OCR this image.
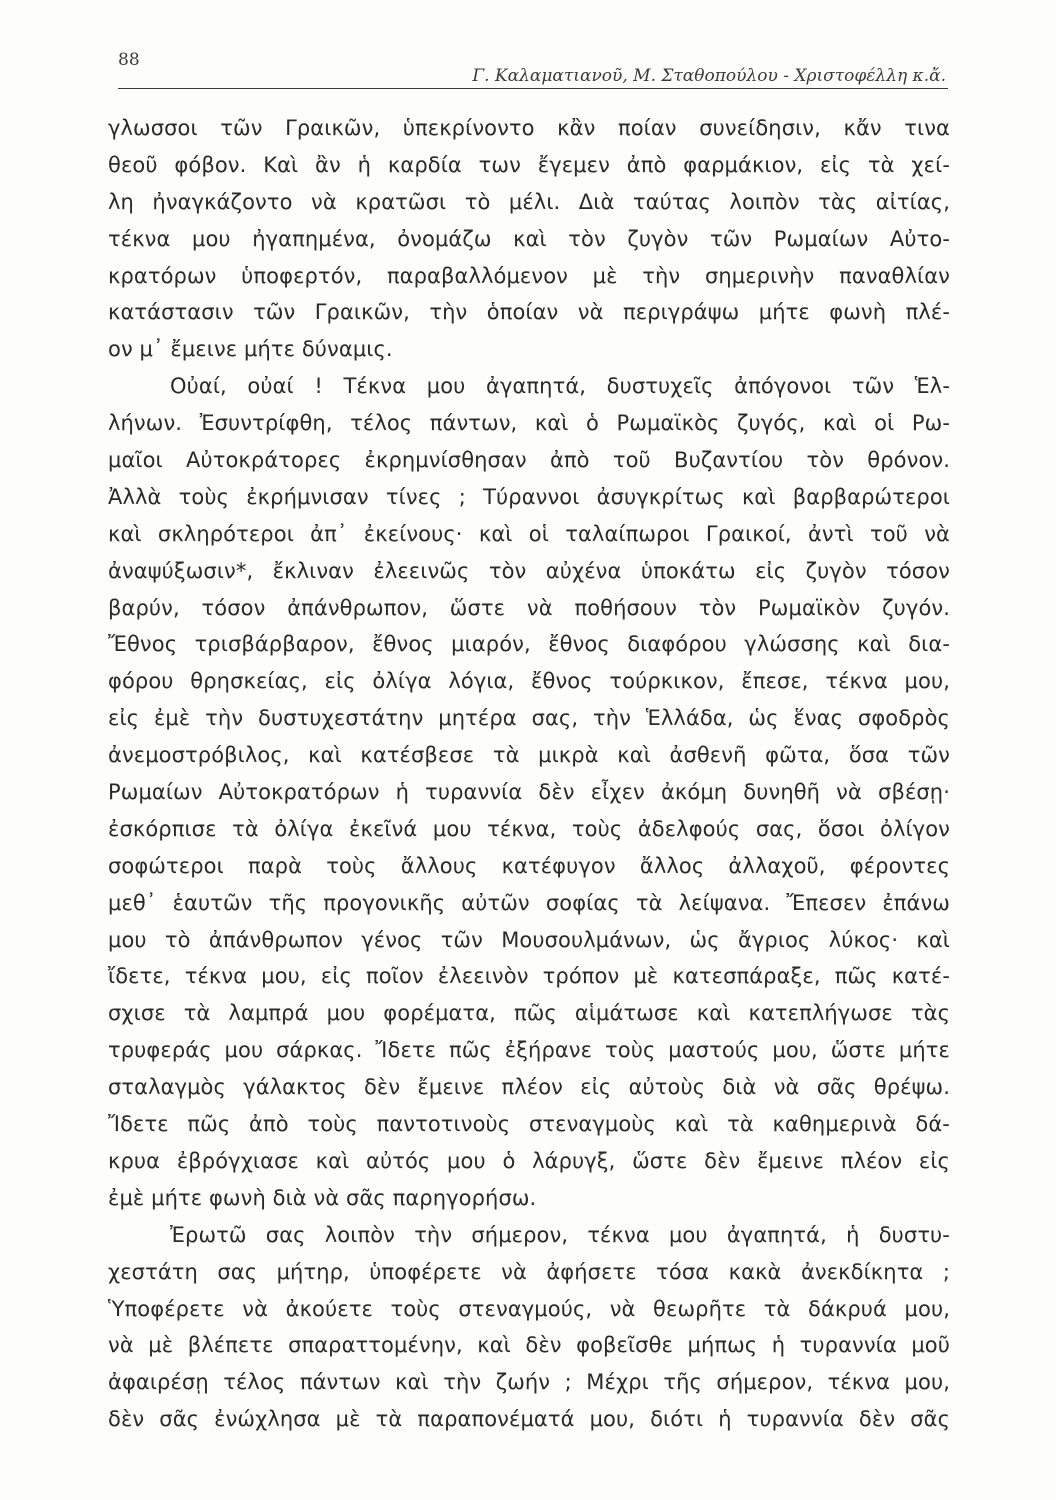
88
Γ. Καλαματιανοῦ, Μ. Σταθοπούλου - Χριστοφέλλη κ.ἄ.
γλωσσοι τῶν Γραικῶν, ὑπεκρίνοντο κἂν ποίαν συνείδησιν, κἄν τινα
θεοῦ φόβον. Καὶ ἂν ἡ καρδία των ἔγεμεν ἀπὸ φαρμάκιον, εἰς τὰ χεί-
λη ἠναγκάζοντο νὰ κρατῶσι τὸ μέλι. Διὰ ταύτας λοιπὸν τὰς αἰτίας,
τέκνα μου ἠγαπημένα, ὀνομάζω καὶ τὸν ζυγὸν τῶν Ρωμαίων Αὐτο-
κρατόρων ὑποφερτόν, παραβαλλόμενον μὲ τὴν σημερινὴν παναθλίαν
κατάστασιν τῶν Γραικῶν, τὴν ὁποίαν νὰ περιγράψω μήτε φωνὴ πλέ-
ον μ᾿ ἔμεινε μήτε δύναμις.
Οὐαί, οὐαί ! Τέκνα μου ἀγαπητά, δυστυχεῖς ἀπόγονοι τῶν Ἑλ-
λήνων. Ἐσυντρίφθη, τέλος πάντων, καὶ ὁ Ρωμαϊκὸς ζυγός, καὶ οἱ Ρω-
μαῖοι Αὐτοκράτορες ἐκρημνίσθησαν ἀπὸ τοῦ Βυζαντίου τὸν θρόνον.
Ἀλλὰ τοὺς ἐκρήμνισαν τίνες ; Τύραννοι ἀσυγκρίτως καὶ βαρβαρώτεροι
καὶ σκληρότεροι ἀπ᾿ ἐκείνους· καὶ οἱ ταλαίπωροι Γραικοί, ἀντὶ τοῦ νὰ
ἀναψύξωσιν*, ἔκλιναν ἐλεεινῶς τὸν αὐχένα ὑποκάτω εἰς ζυγὸν τόσον
βαρύν, τόσον ἀπάνθρωπον, ὥστε νὰ ποθήσουν τὸν Ρωμαϊκὸν ζυγόν.
Ἔθνος τρισβάρβαρον, ἔθνος μιαρόν, ἔθνος διαφόρου γλώσσης καὶ δια-
φόρου θρησκείας, εἰς ὀλίγα λόγια, ἔθνος τούρκικον, ἔπεσε, τέκνα μου,
εἰς ἐμὲ τὴν δυστυχεστάτην μητέρα σας, τὴν Ἑλλάδα, ὡς ἕνας σφοδρὸς
ἀνεμοστρόβιλος, καὶ κατέσβεσε τὰ μικρὰ καὶ ἀσθενῆ φῶτα, ὅσα τῶν
Ρωμαίων Αὐτοκρατόρων ἡ τυραννία δὲν εἶχεν ἀκόμη δυνηθῆ νὰ σβέσῃ·
ἐσκόρπισε τὰ ὀλίγα ἐκεῖνά μου τέκνα, τοὺς ἀδελφούς σας, ὅσοι ὀλίγον
σοφώτεροι παρὰ τοὺς ἄλλους κατέφυγον ἄλλος ἀλλαχοῦ, φέροντες
μεθ᾿ ἑαυτῶν τῆς προγονικῆς αὐτῶν σοφίας τὰ λείψανα. Ἔπεσεν ἐπάνω
μου τὸ ἀπάνθρωπον γένος τῶν Μουσουλμάνων, ὡς ἄγριος λύκος· καὶ
ἴδετε, τέκνα μου, εἰς ποῖον ἐλεεινὸν τρόπον μὲ κατεσπάραξε, πῶς κατέ-
σχισε τὰ λαμπρά μου φορέματα, πῶς αἱμάτωσε καὶ κατεπλήγωσε τὰς
τρυφεράς μου σάρκας. Ἴδετε πῶς ἐξήρανε τοὺς μαστούς μου, ὥστε μήτε
σταλαγμὸς γάλακτος δὲν ἔμεινε πλέον εἰς αὐτοὺς διὰ νὰ σᾶς θρέψω.
Ἴδετε πῶς ἀπὸ τοὺς παντοτινοὺς στεναγμοὺς καὶ τὰ καθημερινὰ δά-
κρυα ἐβρόγχιασε καὶ αὐτός μου ὁ λάρυγξ, ὥστε δὲν ἔμεινε πλέον εἰς
ἐμὲ μήτε φωνὴ διὰ νὰ σᾶς παρηγορήσω.
Ἐρωτῶ σας λοιπὸν τὴν σήμερον, τέκνα μου ἀγαπητά, ἡ δυστυ-
χεστάτη σας μήτηρ, ὑποφέρετε νὰ ἀφήσετε τόσα κακὰ ἀνεκδίκητα ;
Ὑποφέρετε νὰ ἀκούετε τοὺς στεναγμούς, νὰ θεωρῆτε τὰ δάκρυά μου,
νὰ μὲ βλέπετε σπαραττομένην, καὶ δὲν φοβεῖσθε μήπως ἡ τυραννία μοῦ
ἀφαιρέσῃ τέλος πάντων καὶ τὴν ζωήν ; Μέχρι τῆς σήμερον, τέκνα μου,
δὲν σᾶς ἐνώχλησα μὲ τὰ παραπονέματά μου, διότι ἡ τυραννία δὲν σᾶς
